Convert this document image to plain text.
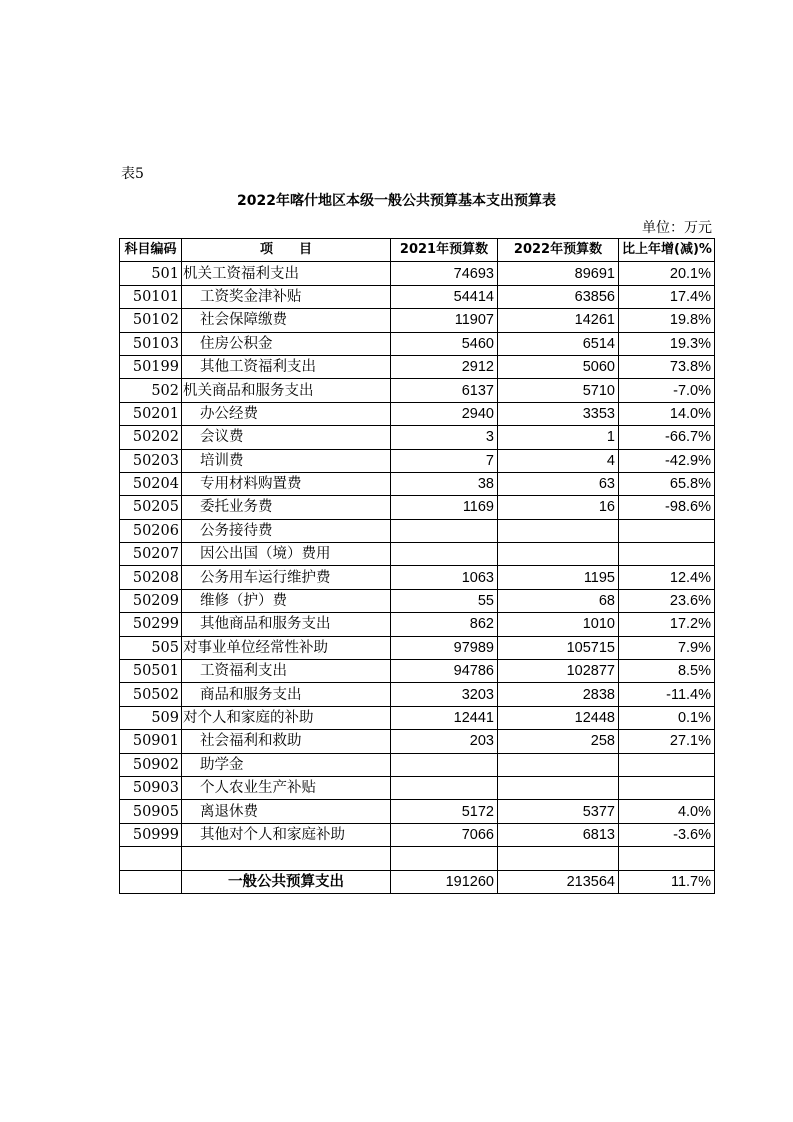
表5
2022年喀什地区本级一般公共预算基本支出预算表
单位：万元
科目编码	项　　目	2021年预算数	2022年预算数	比上年增(减)%
501	机关工资福利支出	74693	89691	20.1%
50101	工资奖金津补贴	54414	63856	17.4%
50102	社会保障缴费	11907	14261	19.8%
50103	住房公积金	5460	6514	19.3%
50199	其他工资福利支出	2912	5060	73.8%
502	机关商品和服务支出	6137	5710	-7.0%
50201	办公经费	2940	3353	14.0%
50202	会议费	3	1	-66.7%
50203	培训费	7	4	-42.9%
50204	专用材料购置费	38	63	65.8%
50205	委托业务费	1169	16	-98.6%
50206	公务接待费			
50207	因公出国（境）费用			
50208	公务用车运行维护费	1063	1195	12.4%
50209	维修（护）费	55	68	23.6%
50299	其他商品和服务支出	862	1010	17.2%
505	对事业单位经常性补助	97989	105715	7.9%
50501	工资福利支出	94786	102877	8.5%
50502	商品和服务支出	3203	2838	-11.4%
509	对个人和家庭的补助	12441	12448	0.1%
50901	社会福利和救助	203	258	27.1%
50902	助学金			
50903	个人农业生产补贴			
50905	离退休费	5172	5377	4.0%
50999	其他对个人和家庭补助	7066	6813	-3.6%

	一般公共预算支出	191260	213564	11.7%
